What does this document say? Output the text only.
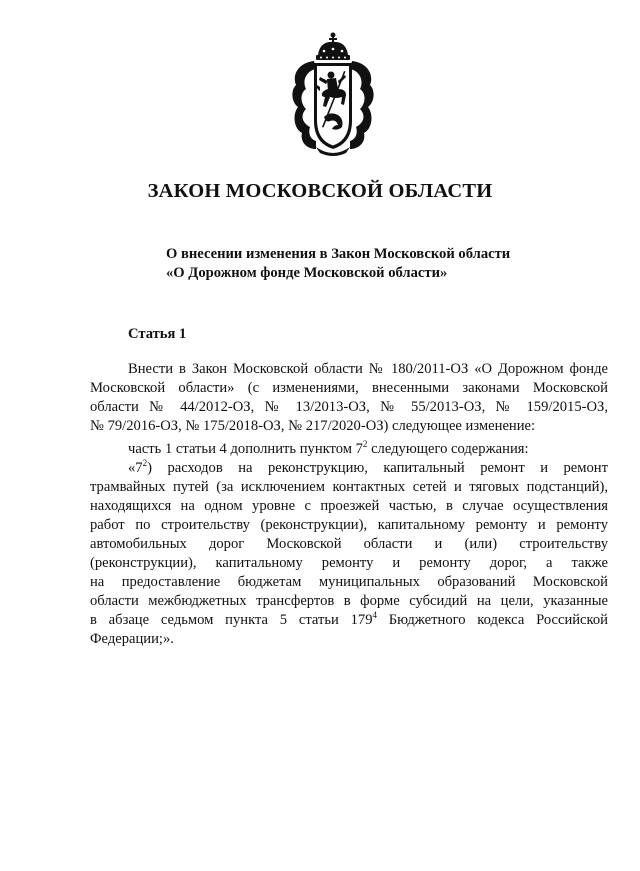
ЗАКОН МОСКОВСКОЙ ОБЛАСТИ
О внесении изменения в Закон Московской области
«О Дорожном фонде Московской области»
Статья 1
Внести в Закон Московской области № 180/2011-ОЗ «О Дорожном фонде
Московской области» (с изменениями, внесенными законами Московской
области № 44/2012-ОЗ, № 13/2013-ОЗ, № 55/2013-ОЗ, № 159/2015-ОЗ,
№ 79/2016-ОЗ, № 175/2018-ОЗ, № 217/2020-ОЗ) следующее изменение:
часть 1 статьи 4 дополнить пунктом $7^2$ следующего содержания:
«$7^2$) расходов на реконструкцию, капитальный ремонт и ремонт
трамвайных путей (за исключением контактных сетей и тяговых подстанций),
находящихся на одном уровне с проезжей частью, в случае осуществления
работ по строительству (реконструкции), капитальному ремонту и ремонту
автомобильных дорог Московской области и (или) строительству
(реконструкции), капитальному ремонту и ремонту дорог, а также
на предоставление бюджетам муниципальных образований Московской
области межбюджетных трансфертов в форме субсидий на цели, указанные
в абзаце седьмом пункта 5 статьи $179^4$ Бюджетного кодекса Российской
Федерации;».
